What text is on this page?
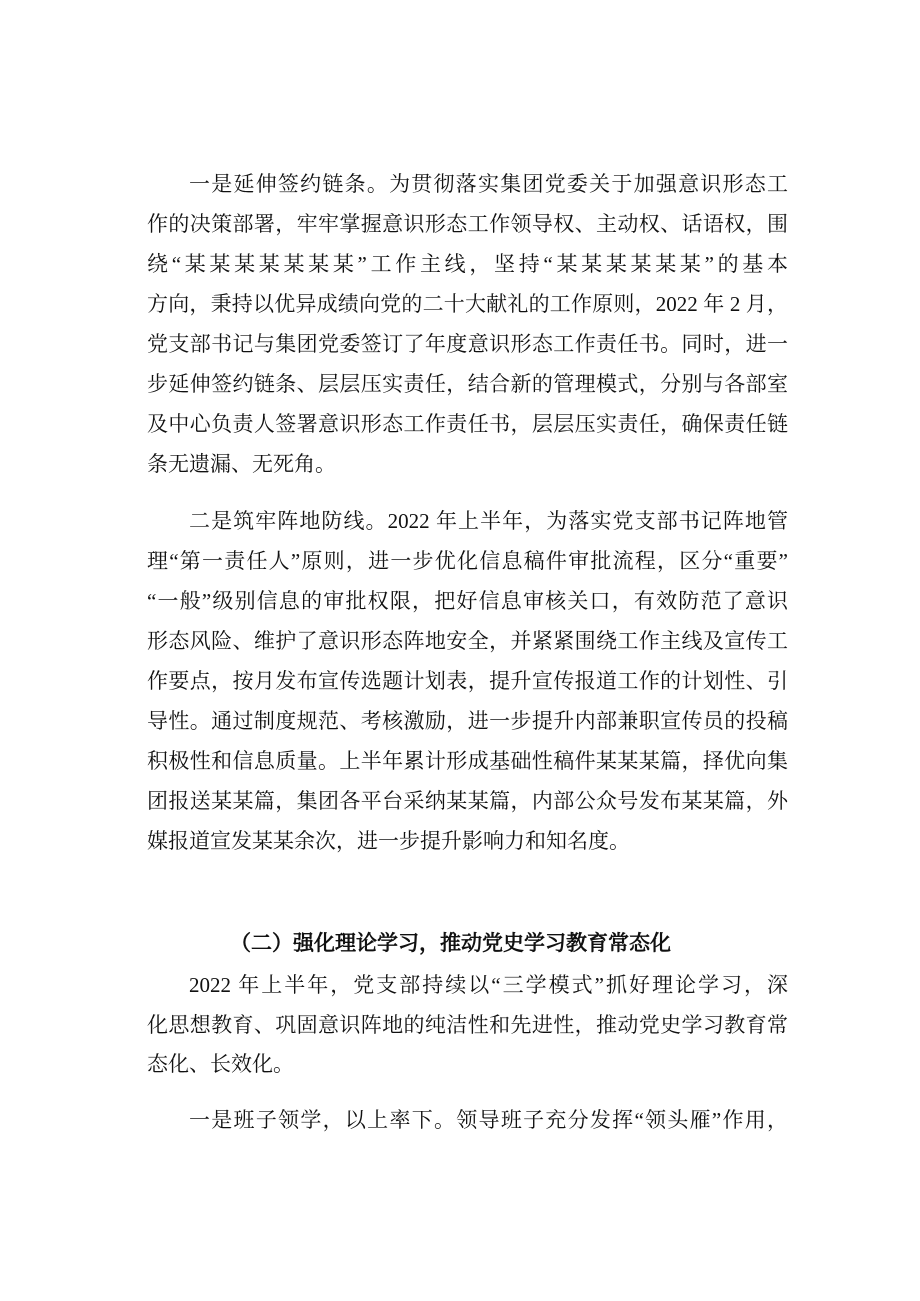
一是延伸签约链条。为贯彻落实集团党委关于加强意识形态工
作的决策部署，牢牢掌握意识形态工作领导权、主动权、话语权，围
绕“某某某某某某某”工作主线，坚持“某某某某某某”的基本
方向，秉持以优异成绩向党的二十大献礼的工作原则，2022 年 2 月，
党支部书记与集团党委签订了年度意识形态工作责任书。同时，进一
步延伸签约链条、层层压实责任，结合新的管理模式，分别与各部室
及中心负责人签署意识形态工作责任书，层层压实责任，确保责任链
条无遗漏、无死角。
二是筑牢阵地防线。2022 年上半年，为落实党支部书记阵地管
理“第一责任人”原则，进一步优化信息稿件审批流程，区分“重要”
“一般”级别信息的审批权限，把好信息审核关口，有效防范了意识
形态风险、维护了意识形态阵地安全，并紧紧围绕工作主线及宣传工
作要点，按月发布宣传选题计划表，提升宣传报道工作的计划性、引
导性。通过制度规范、考核激励，进一步提升内部兼职宣传员的投稿
积极性和信息质量。上半年累计形成基础性稿件某某某篇，择优向集
团报送某某篇，集团各平台采纳某某篇，内部公众号发布某某篇，外
媒报道宣发某某余次，进一步提升影响力和知名度。
（二）强化理论学习，推动党史学习教育常态化
2022 年上半年，党支部持续以“三学模式”抓好理论学习，深
化思想教育、巩固意识阵地的纯洁性和先进性，推动党史学习教育常
态化、长效化。
一是班子领学，以上率下。领导班子充分发挥“领头雁”作用，
